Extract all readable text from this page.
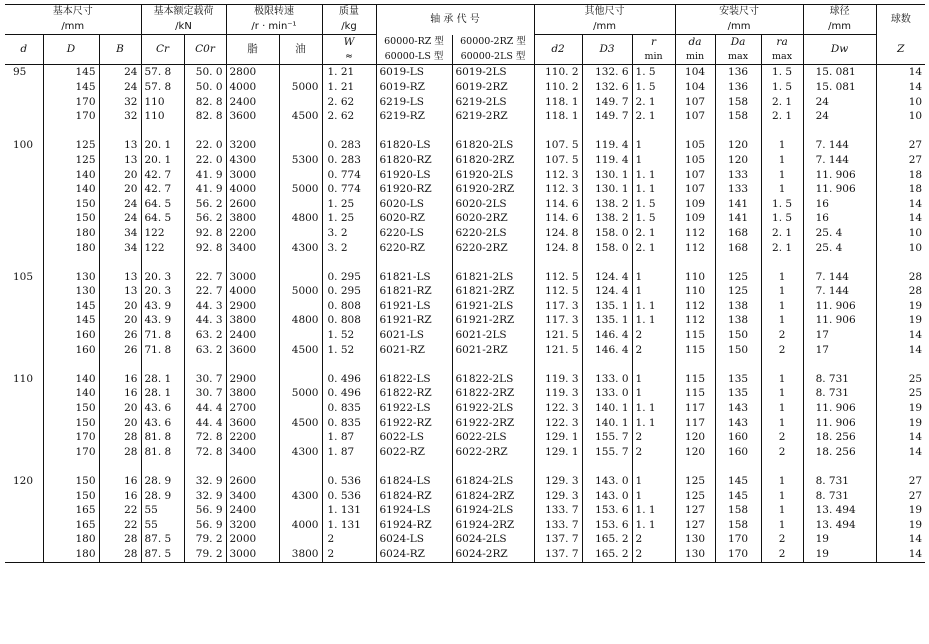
基本尺寸			基本额定载荷		极限转速		质量	轴 承 代 号		其他尺寸			安装尺寸			球径	球数
/mm			/kN		/r · min⁻¹		/kg			/mm			/mm			/mm	
d	D	B	Cr	C0r	脂	油	W	60000-RZ 型	60000-2RZ 型	d2	D3	r	da	Da	ra	Dw	Z
							≈	60000-LS 型	60000-2LS 型			min	min	max	max		
95	145	24	57. 8	50. 0	2800		1. 21	6019-LS	6019-2LS	110. 2	132. 6	1. 5	104	136	1. 5	15. 081	14
	145	24	57. 8	50. 0	4000	5000	1. 21	6019-RZ	6019-2RZ	110. 2	132. 6	1. 5	104	136	1. 5	15. 081	14
	170	32	110	82. 8	2400		2. 62	6219-LS	6219-2LS	118. 1	149. 7	2. 1	107	158	2. 1	24	10
	170	32	110	82. 8	3600	4500	2. 62	6219-RZ	6219-2RZ	118. 1	149. 7	2. 1	107	158	2. 1	24	10

100	125	13	20. 1	22. 0	3200		0. 283	61820-LS	61820-2LS	107. 5	119. 4	1	105	120	1	7. 144	27
	125	13	20. 1	22. 0	4300	5300	0. 283	61820-RZ	61820-2RZ	107. 5	119. 4	1	105	120	1	7. 144	27
	140	20	42. 7	41. 9	3000		0. 774	61920-LS	61920-2LS	112. 3	130. 1	1. 1	107	133	1	11. 906	18
	140	20	42. 7	41. 9	4000	5000	0. 774	61920-RZ	61920-2RZ	112. 3	130. 1	1. 1	107	133	1	11. 906	18
	150	24	64. 5	56. 2	2600		1. 25	6020-LS	6020-2LS	114. 6	138. 2	1. 5	109	141	1. 5	16	14
	150	24	64. 5	56. 2	3800	4800	1. 25	6020-RZ	6020-2RZ	114. 6	138. 2	1. 5	109	141	1. 5	16	14
	180	34	122	92. 8	2200		3. 2	6220-LS	6220-2LS	124. 8	158. 0	2. 1	112	168	2. 1	25. 4	10
	180	34	122	92. 8	3400	4300	3. 2	6220-RZ	6220-2RZ	124. 8	158. 0	2. 1	112	168	2. 1	25. 4	10

105	130	13	20. 3	22. 7	3000		0. 295	61821-LS	61821-2LS	112. 5	124. 4	1	110	125	1	7. 144	28
	130	13	20. 3	22. 7	4000	5000	0. 295	61821-RZ	61821-2RZ	112. 5	124. 4	1	110	125	1	7. 144	28
	145	20	43. 9	44. 3	2900		0. 808	61921-LS	61921-2LS	117. 3	135. 1	1. 1	112	138	1	11. 906	19
	145	20	43. 9	44. 3	3800	4800	0. 808	61921-RZ	61921-2RZ	117. 3	135. 1	1. 1	112	138	1	11. 906	19
	160	26	71. 8	63. 2	2400		1. 52	6021-LS	6021-2LS	121. 5	146. 4	2	115	150	2	17	14
	160	26	71. 8	63. 2	3600	4500	1. 52	6021-RZ	6021-2RZ	121. 5	146. 4	2	115	150	2	17	14

110	140	16	28. 1	30. 7	2900		0. 496	61822-LS	61822-2LS	119. 3	133. 0	1	115	135	1	8. 731	25
	140	16	28. 1	30. 7	3800	5000	0. 496	61822-RZ	61822-2RZ	119. 3	133. 0	1	115	135	1	8. 731	25
	150	20	43. 6	44. 4	2700		0. 835	61922-LS	61922-2LS	122. 3	140. 1	1. 1	117	143	1	11. 906	19
	150	20	43. 6	44. 4	3600	4500	0. 835	61922-RZ	61922-2RZ	122. 3	140. 1	1. 1	117	143	1	11. 906	19
	170	28	81. 8	72. 8	2200		1. 87	6022-LS	6022-2LS	129. 1	155. 7	2	120	160	2	18. 256	14
	170	28	81. 8	72. 8	3400	4300	1. 87	6022-RZ	6022-2RZ	129. 1	155. 7	2	120	160	2	18. 256	14

120	150	16	28. 9	32. 9	2600		0. 536	61824-LS	61824-2LS	129. 3	143. 0	1	125	145	1	8. 731	27
	150	16	28. 9	32. 9	3400	4300	0. 536	61824-RZ	61824-2RZ	129. 3	143. 0	1	125	145	1	8. 731	27
	165	22	55	56. 9	2400		1. 131	61924-LS	61924-2LS	133. 7	153. 6	1. 1	127	158	1	13. 494	19
	165	22	55	56. 9	3200	4000	1. 131	61924-RZ	61924-2RZ	133. 7	153. 6	1. 1	127	158	1	13. 494	19
	180	28	87. 5	79. 2	2000		2	6024-LS	6024-2LS	137. 7	165. 2	2	130	170	2	19	14
	180	28	87. 5	79. 2	3000	3800	2	6024-RZ	6024-2RZ	137. 7	165. 2	2	130	170	2	19	14
